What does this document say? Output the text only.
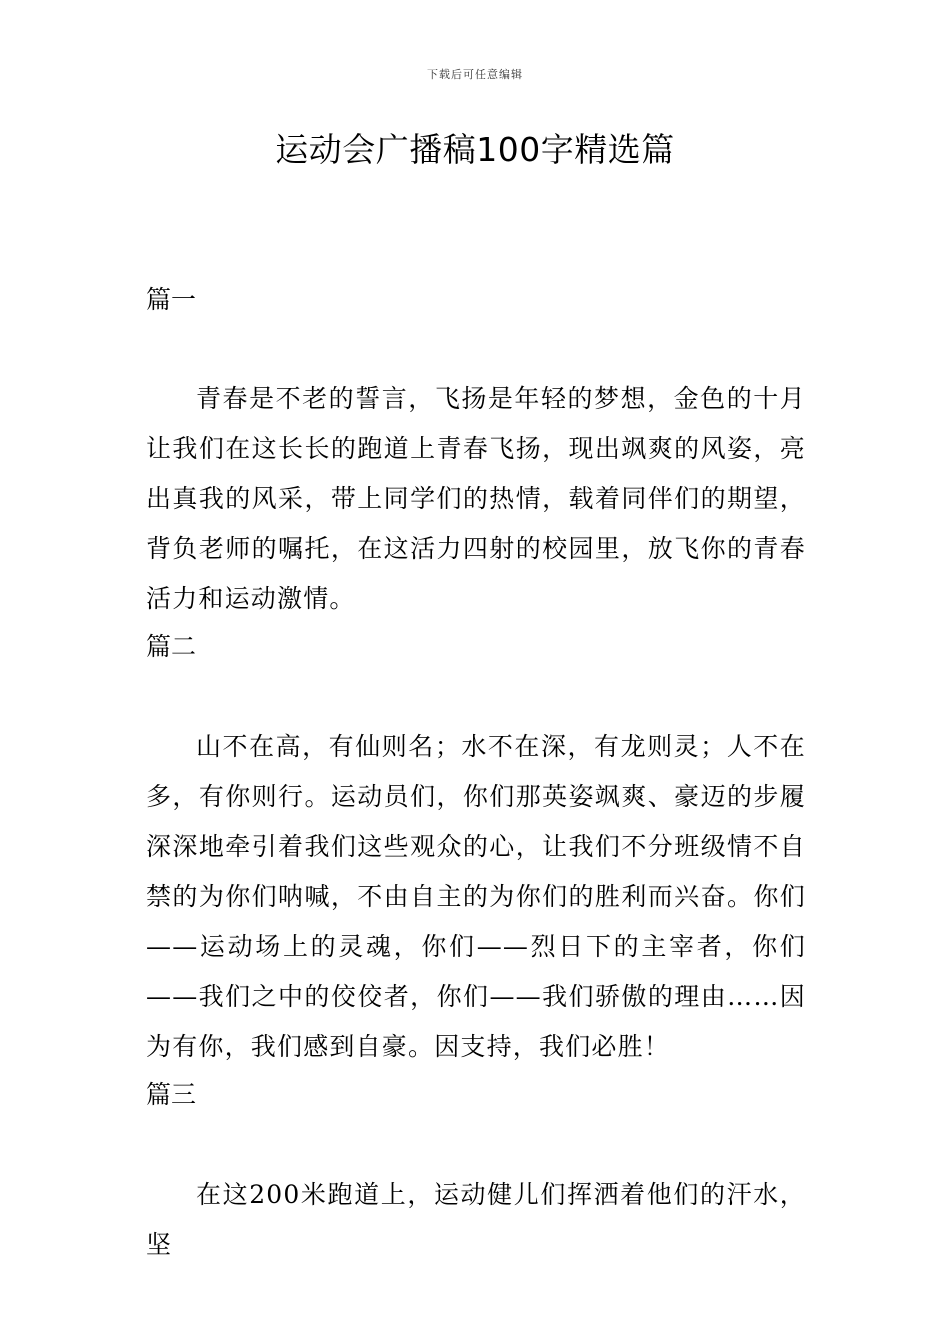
下载后可任意编辑
运动会广播稿100字精选篇
篇一

青春是不老的誓言，飞扬是年轻的梦想，金色的十月让我们在这长长的跑道上青春飞扬，现出飒爽的风姿，亮出真我的风采，带上同学们的热情，载着同伴们的期望，背负老师的嘱托，在这活力四射的校园里，放飞你的青春活力和运动激情。

篇二

山不在高，有仙则名；水不在深，有龙则灵；人不在多，有你则行。运动员们，你们那英姿飒爽、豪迈的步履深深地牵引着我们这些观众的心，让我们不分班级情不自禁的为你们呐喊，不由自主的为你们的胜利而兴奋。你们——运动场上的灵魂，你们——烈日下的主宰者，你们——我们之中的佼佼者，你们——我们骄傲的理由……因为有你，我们感到自豪。因支持，我们必胜！

篇三

在这200米跑道上，运动健儿们挥洒着他们的汗水，坚
